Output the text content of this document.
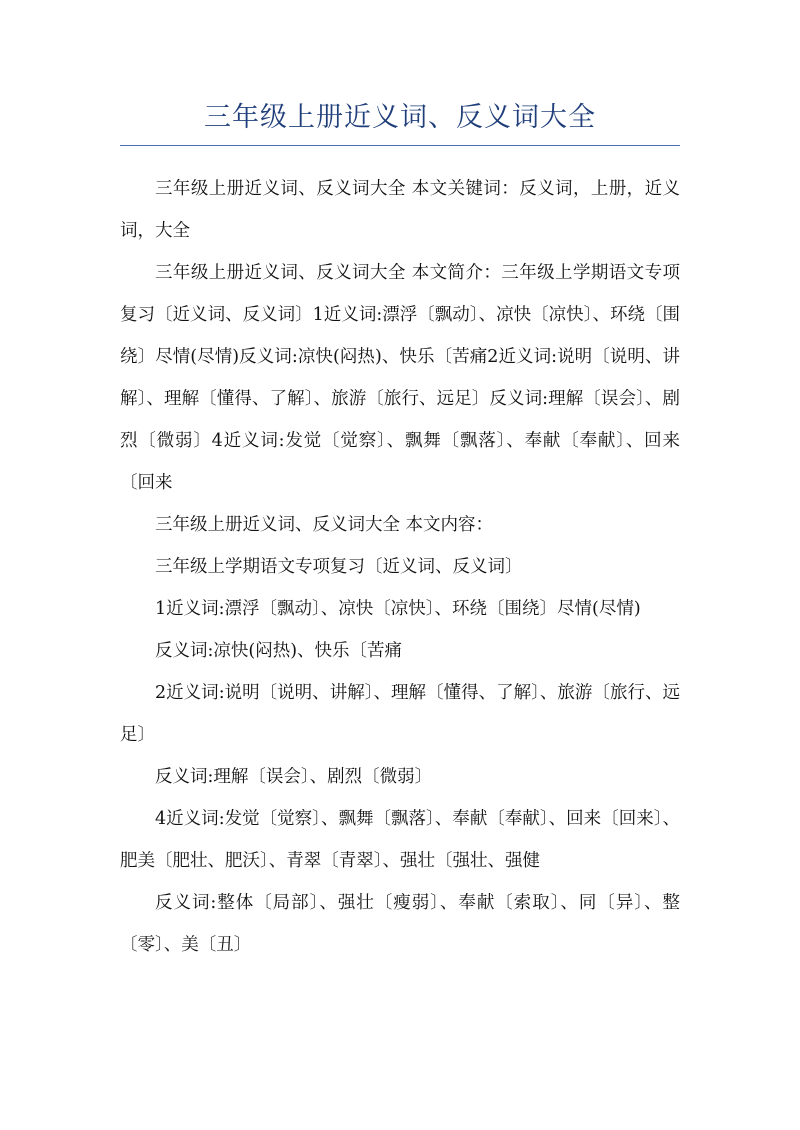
三年级上册近义词、反义词大全

三年级上册近义词、反义词大全 本文关键词：反义词，上册，近义词，大全

三年级上册近义词、反义词大全 本文简介：三年级上学期语文专项复习〔近义词、反义词〕1近义词:漂浮〔飘动〕、凉快〔凉快〕、环绕〔围绕〕尽情(尽情)反义词:凉快(闷热)、快乐〔苦痛2近义词:说明〔说明、讲解〕、理解〔懂得、了解〕、旅游〔旅行、远足〕反义词:理解〔误会〕、剧烈〔微弱〕4近义词:发觉〔觉察〕、飘舞〔飘落〕、奉献〔奉献〕、回来〔回来

三年级上册近义词、反义词大全 本文内容：

三年级上学期语文专项复习〔近义词、反义词〕

1近义词:漂浮〔飘动〕、凉快〔凉快〕、环绕〔围绕〕尽情(尽情)

反义词:凉快(闷热)、快乐〔苦痛

2近义词:说明〔说明、讲解〕、理解〔懂得、了解〕、旅游〔旅行、远足〕

反义词:理解〔误会〕、剧烈〔微弱〕

4近义词:发觉〔觉察〕、飘舞〔飘落〕、奉献〔奉献〕、回来〔回来〕、肥美〔肥壮、肥沃〕、青翠〔青翠〕、强壮〔强壮、强健

反义词:整体〔局部〕、强壮〔瘦弱〕、奉献〔索取〕、同〔异〕、整〔零〕、美〔丑〕
